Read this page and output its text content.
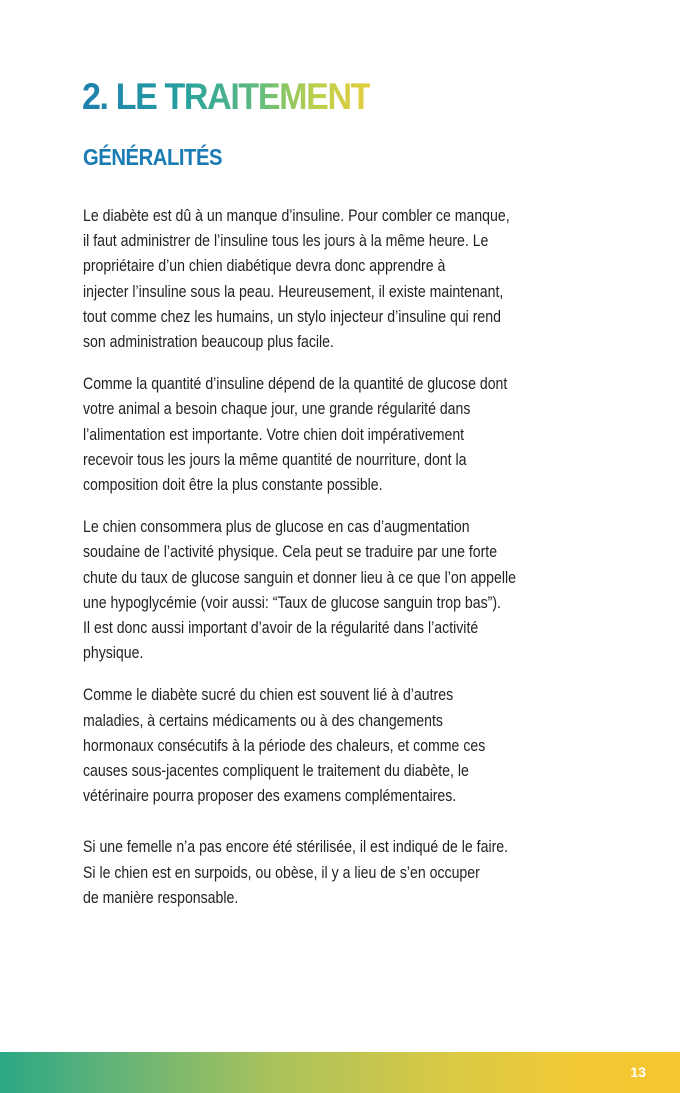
2. LE TRAITEMENT
GÉNÉRALITÉS

Le diabète est dû à un manque d’insuline. Pour combler ce manque,
il faut administrer de l’insuline tous les jours à la même heure. Le
propriétaire d’un chien diabétique devra donc apprendre à
injecter l’insuline sous la peau. Heureusement, il existe maintenant,
tout comme chez les humains, un stylo injecteur d’insuline qui rend
son administration beaucoup plus facile.

Comme la quantité d’insuline dépend de la quantité de glucose dont
votre animal a besoin chaque jour, une grande régularité dans
l’alimentation est importante. Votre chien doit impérativement
recevoir tous les jours la même quantité de nourriture, dont la
composition doit être la plus constante possible.

Le chien consommera plus de glucose en cas d’augmentation
soudaine de l’activité physique. Cela peut se traduire par une forte
chute du taux de glucose sanguin et donner lieu à ce que l’on appelle
une hypoglycémie (voir aussi: “Taux de glucose sanguin trop bas”).
Il est donc aussi important d’avoir de la régularité dans l’activité
physique.

Comme le diabète sucré du chien est souvent lié à d’autres
maladies, à certains médicaments ou à des changements
hormonaux consécutifs à la période des chaleurs, et comme ces
causes sous-jacentes compliquent le traitement du diabète, le
vétérinaire pourra proposer des examens complémentaires.

Si une femelle n’a pas encore été stérilisée, il est indiqué de le faire.
Si le chien est en surpoids, ou obèse, il y a lieu de s’en occuper
de manière responsable.

13
